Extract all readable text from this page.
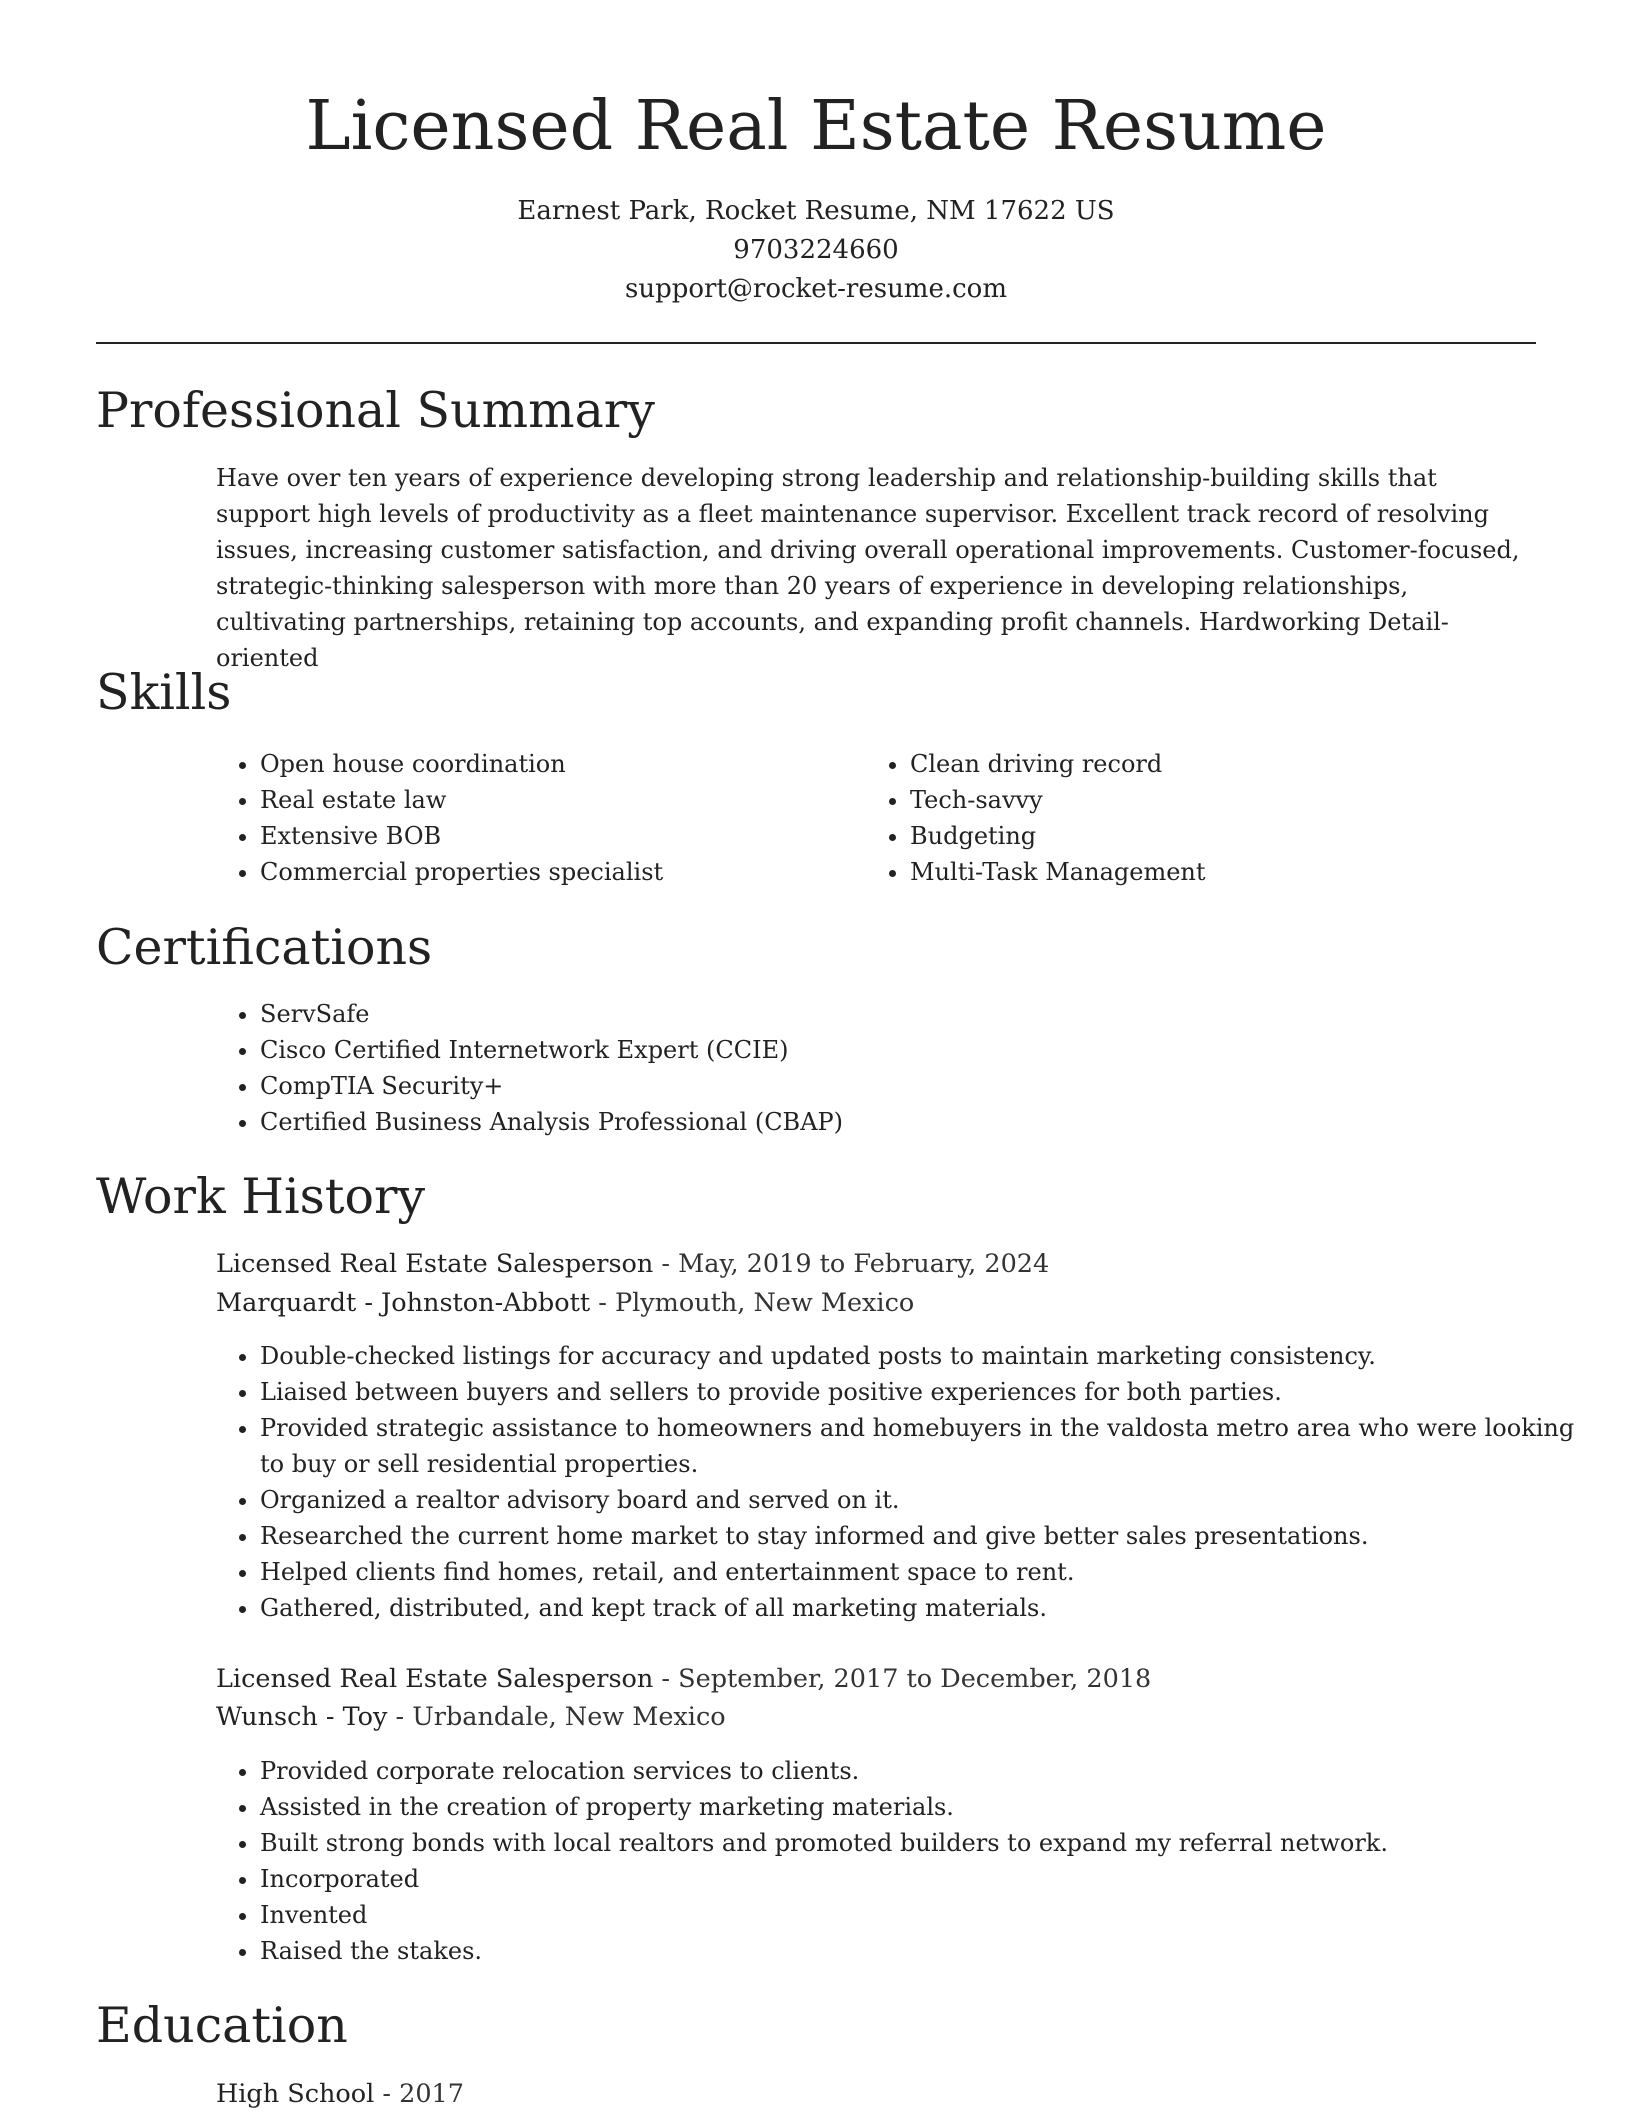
Licensed Real Estate Resume
Earnest Park, Rocket Resume, NM 17622 US
9703224660
support@rocket-resume.com
Professional Summary

Have over ten years of experience developing strong leadership and relationship-building skills that support high levels of productivity as a fleet maintenance supervisor. Excellent track record of resolving issues, increasing customer satisfaction, and driving overall operational improvements. Customer-focused, strategic-thinking salesperson with more than 20 years of experience in developing relationships, cultivating partnerships, retaining top accounts, and expanding profit channels. Hardworking Detail-oriented

Skills
• Open house coordination
• Real estate law
• Extensive BOB
• Commercial properties specialist
• Clean driving record
• Tech-savvy
• Budgeting
• Multi-Task Management
Certifications
• ServSafe
• Cisco Certified Internetwork Expert (CCIE)
• CompTIA Security+
• Certified Business Analysis Professional (CBAP)
Work History
Licensed Real Estate Salesperson - May, 2019 to February, 2024
Marquardt - Johnston-Abbott - Plymouth, New Mexico
• Double-checked listings for accuracy and updated posts to maintain marketing consistency.
• Liaised between buyers and sellers to provide positive experiences for both parties.
• Provided strategic assistance to homeowners and homebuyers in the valdosta metro area who were looking to buy or sell residential properties.
• Organized a realtor advisory board and served on it.
• Researched the current home market to stay informed and give better sales presentations.
• Helped clients find homes, retail, and entertainment space to rent.
• Gathered, distributed, and kept track of all marketing materials.
Licensed Real Estate Salesperson - September, 2017 to December, 2018
Wunsch - Toy - Urbandale, New Mexico
• Provided corporate relocation services to clients.
• Assisted in the creation of property marketing materials.
• Built strong bonds with local realtors and promoted builders to expand my referral network.
• Incorporated
• Invented
• Raised the stakes.
Education
High School - 2017
